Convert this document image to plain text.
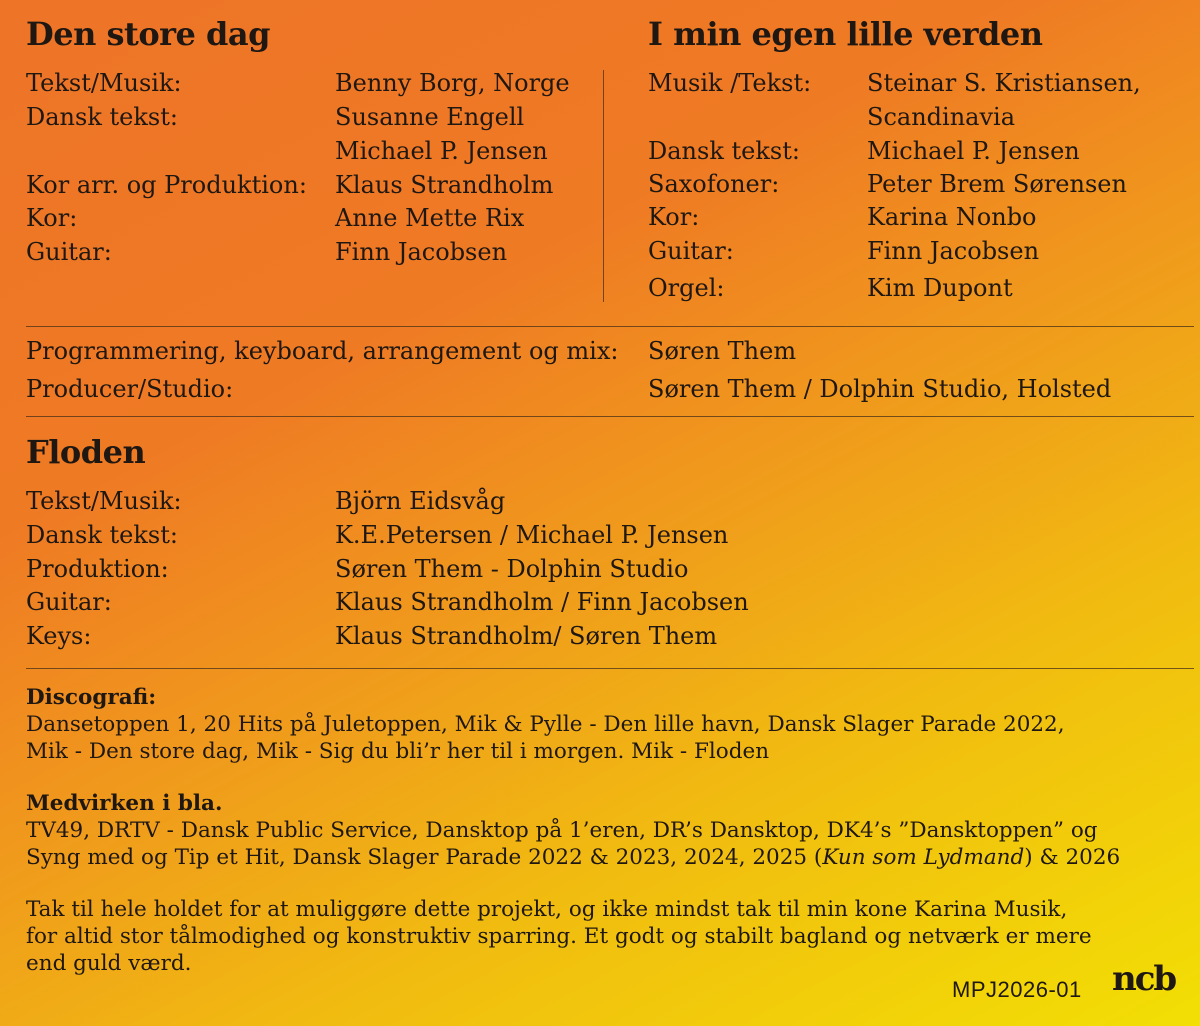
Den store dag
Tekst/Musik:	Benny Borg, Norge
Dansk tekst:	Susanne Engell
Michael P. Jensen
Kor arr. og Produktion: Klaus Strandholm
Kor:	Anne Mette Rix
Guitar:	Finn Jacobsen
I min egen lille verden
Musik /Tekst: Steinar S. Kristiansen,
Scandinavia
Dansk tekst:	Michael P. Jensen
Saxofoner:	Peter Brem Sørensen
Kor:	Karina Nonbo
Guitar:	Finn Jacobsen
Orgel:	Kim Dupont
Programmering, keyboard, arrangement og mix: Søren Them
Producer/Studio:	Søren Them / Dolphin Studio, Holsted
Floden
Tekst/Musik:	Björn Eidsvåg
Dansk tekst:	K.E.Petersen / Michael P. Jensen
Produktion:	Søren Them - Dolphin Studio
Guitar:	Klaus Strandholm / Finn Jacobsen
Keys:	Klaus Strandholm/ Søren Them
Discografi:
Dansetoppen 1, 20 Hits på Juletoppen, Mik & Pylle - Den lille havn, Dansk Slager Parade 2022,
Mik - Den store dag, Mik - Sig du bli’r her til i morgen. Mik - Floden
Medvirken i bla.
TV49, DRTV - Dansk Public Service, Dansktop på 1’eren, DR’s Dansktop, DK4’s ”Dansktoppen” og
Syng med og Tip et Hit, Dansk Slager Parade 2022 & 2023, 2024, 2025 (Kun som Lydmand) & 2026
Tak til hele holdet for at muliggøre dette projekt, og ikke mindst tak til min kone Karina Musik,
for altid stor tålmodighed og konstruktiv sparring. Et godt og stabilt bagland og netværk er mere
end guld værd.
MPJ2026-01 ncb
